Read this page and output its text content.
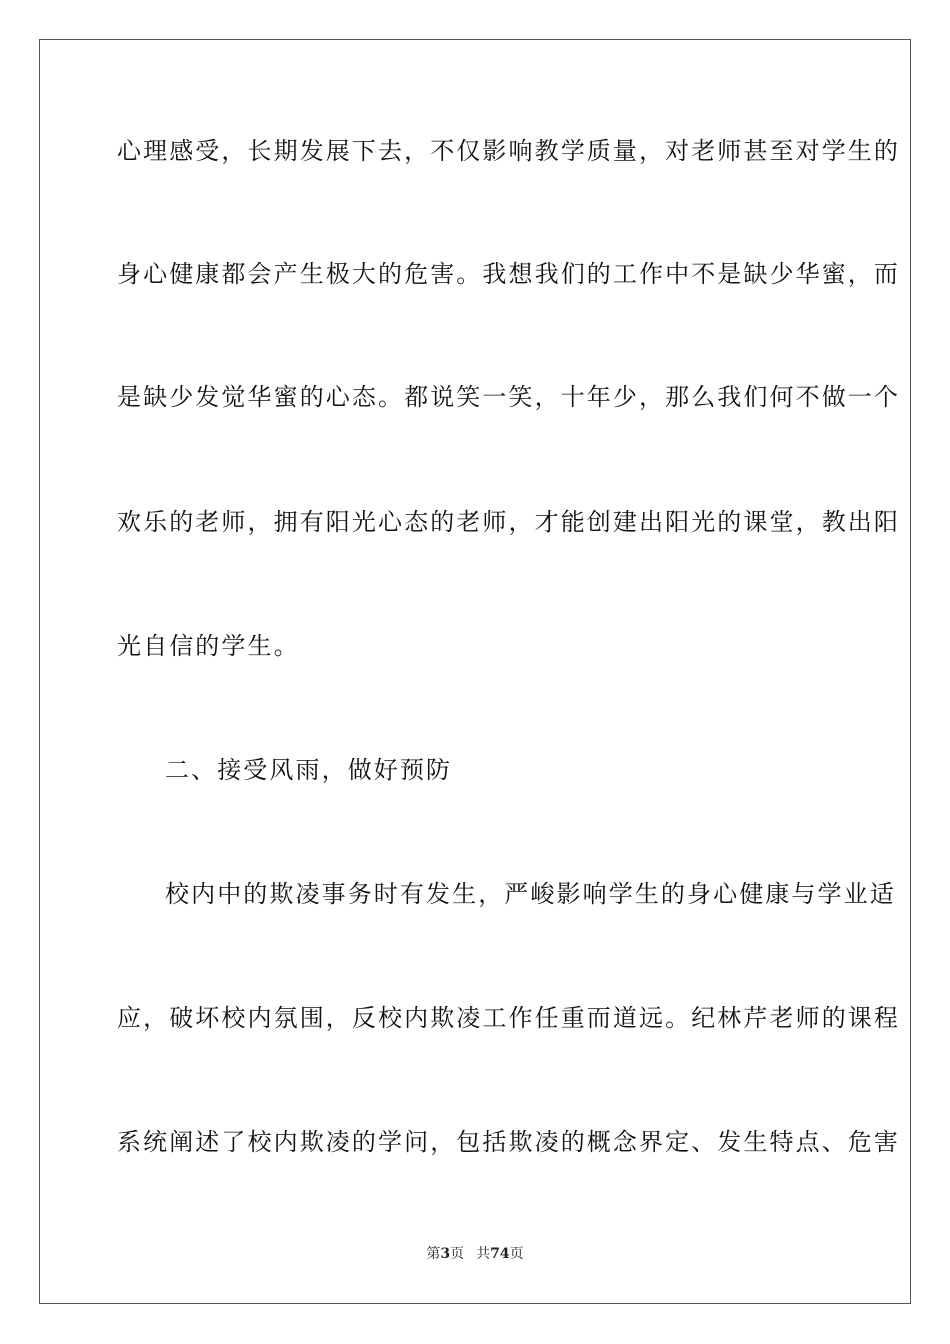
心理感受，长期发展下去，不仅影响教学质量，对老师甚至对学生的
身心健康都会产生极大的危害。我想我们的工作中不是缺少华蜜，而
是缺少发觉华蜜的心态。都说笑一笑，十年少，那么我们何不做一个
欢乐的老师，拥有阳光心态的老师，才能创建出阳光的课堂，教出阳
光自信的学生。
二、接受风雨，做好预防
校内中的欺凌事务时有发生，严峻影响学生的身心健康与学业适
应，破坏校内氛围，反校内欺凌工作任重而道远。纪林芹老师的课程
系统阐述了校内欺凌的学问，包括欺凌的概念界定、发生特点、危害
第3页 共74页
